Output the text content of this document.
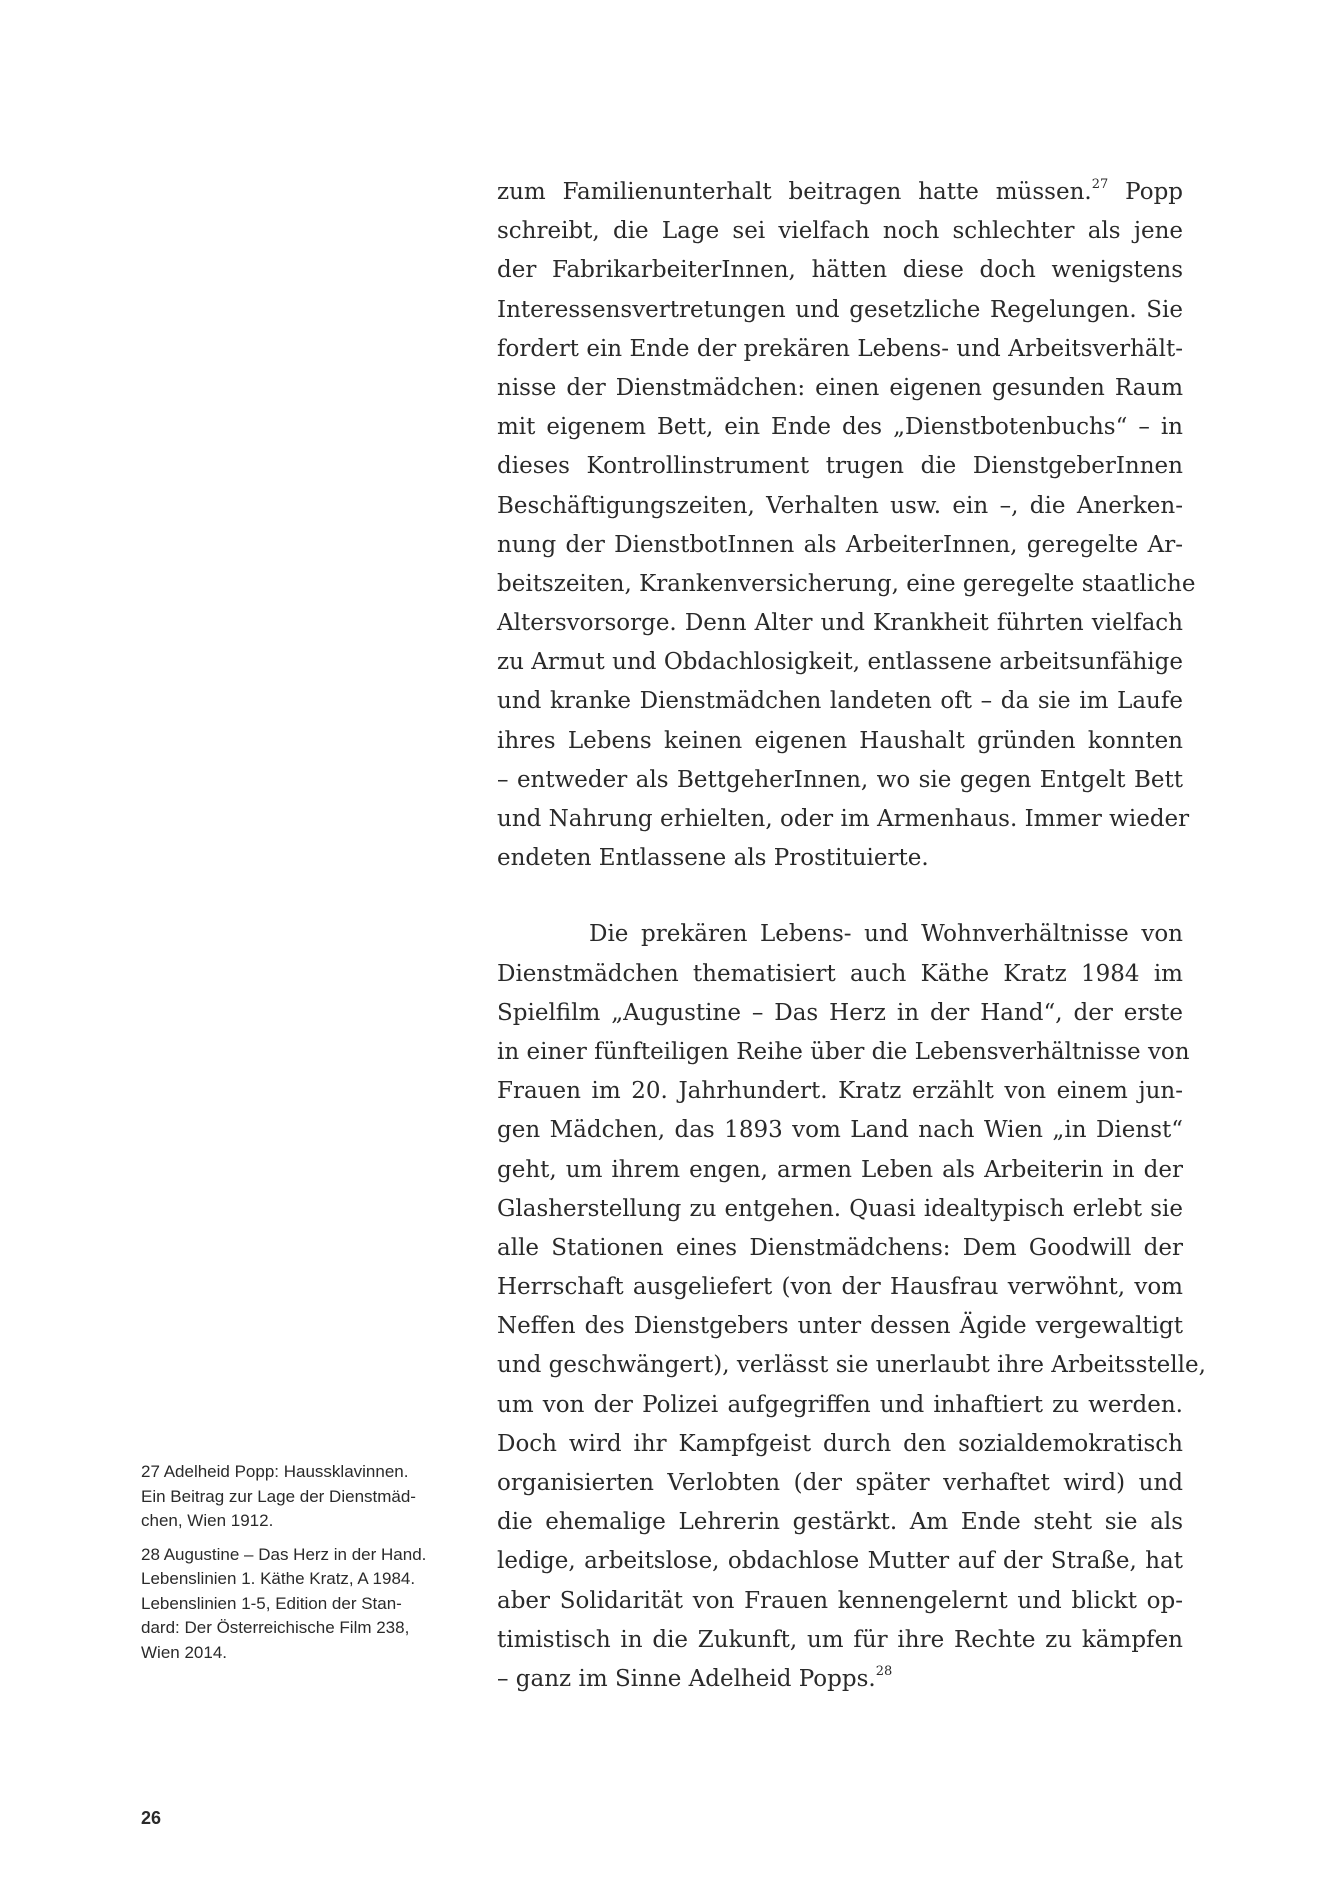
zum Familienunterhalt beitragen hatte müssen.$^{27}$ Popp
schreibt, die Lage sei vielfach noch schlechter als jene
der FabrikarbeiterInnen, hätten diese doch wenigstens
Interessensvertretungen und gesetzliche Regelungen. Sie
fordert ein Ende der prekären Lebens- und Arbeitsverhält-
nisse der Dienstmädchen: einen eigenen gesunden Raum
mit eigenem Bett, ein Ende des „Dienstbotenbuchs“ – in
dieses Kontrollinstrument trugen die DienstgeberInnen
Beschäftigungszeiten, Verhalten usw. ein –, die Anerken-
nung der DienstbotInnen als ArbeiterInnen, geregelte Ar-
beitszeiten, Krankenversicherung, eine geregelte staatliche
Altersvorsorge. Denn Alter und Krankheit führten vielfach
zu Armut und Obdachlosigkeit, entlassene arbeitsunfähige
und kranke Dienstmädchen landeten oft – da sie im Laufe
ihres Lebens keinen eigenen Haushalt gründen konnten
– entweder als BettgeherInnen, wo sie gegen Entgelt Bett
und Nahrung erhielten, oder im Armenhaus. Immer wieder
endeten Entlassene als Prostituierte.
Die prekären Lebens- und Wohnverhältnisse von
Dienstmädchen thematisiert auch Käthe Kratz 1984 im
Spielfilm „Augustine – Das Herz in der Hand“, der erste
in einer fünfteiligen Reihe über die Lebensverhältnisse von
Frauen im 20. Jahrhundert. Kratz erzählt von einem jun-
gen Mädchen, das 1893 vom Land nach Wien „in Dienst“
geht, um ihrem engen, armen Leben als Arbeiterin in der
Glasherstellung zu entgehen. Quasi idealtypisch erlebt sie
alle Stationen eines Dienstmädchens: Dem Goodwill der
Herrschaft ausgeliefert (von der Hausfrau verwöhnt, vom
Neffen des Dienstgebers unter dessen Ägide vergewaltigt
und geschwängert), verlässt sie unerlaubt ihre Arbeitsstelle,
um von der Polizei aufgegriffen und inhaftiert zu werden.
Doch wird ihr Kampfgeist durch den sozialdemokratisch
organisierten Verlobten (der später verhaftet wird) und
die ehemalige Lehrerin gestärkt. Am Ende steht sie als
ledige, arbeitslose, obdachlose Mutter auf der Straße, hat
aber Solidarität von Frauen kennengelernt und blickt op-
timistisch in die Zukunft, um für ihre Rechte zu kämpfen
– ganz im Sinne Adelheid Popps.$^{28}$
27 Adelheid Popp: Haussklavinnen.
Ein Beitrag zur Lage der Dienstmäd-
chen, Wien 1912.
28 Augustine – Das Herz in der Hand.
Lebenslinien 1. Käthe Kratz, A 1984.
Lebenslinien 1-5, Edition der Stan-
dard: Der Österreichische Film 238,
Wien 2014.
26
